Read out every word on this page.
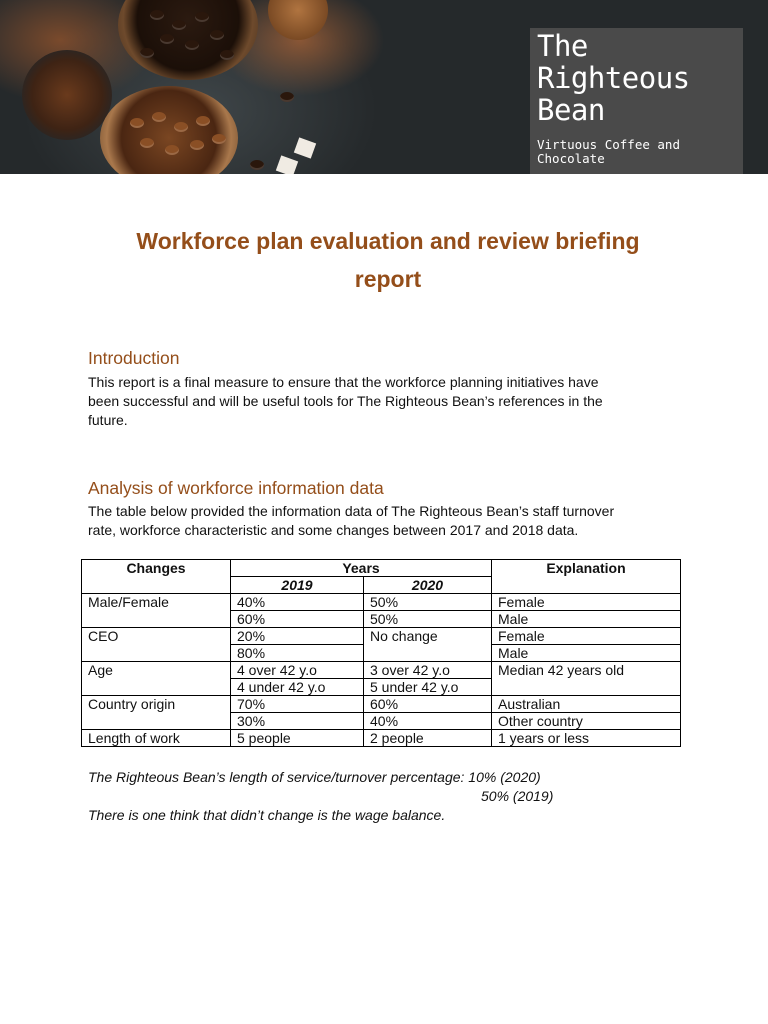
The
Righteous
Bean
Virtuous Coffee and
Chocolate
Workforce plan evaluation and review briefing
report
Introduction
This report is a final measure to ensure that the workforce planning initiatives have
been successful and will be useful tools for The Righteous Bean’s references in the
future.
Analysis of workforce information data
The table below provided the information data of The Righteous Bean’s staff turnover
rate, workforce characteristic and some changes between 2017 and 2018 data.
Changes	Years		Explanation
	2019	2020	
Male/Female	40%	50%	Female
	60%	50%	Male
CEO	20%	No change	Female
	80%		Male
Age	4 over 42 y.o	3 over 42 y.o	Median 42 years old
	4 under 42 y.o	5 under 42 y.o	
Country origin	70%	60%	Australian
	30%	40%	Other country
Length of work	5 people	2 people	1 years or less
The Righteous Bean’s length of service/turnover percentage: 10% (2020)
50% (2019)
There is one think that didn’t change is the wage balance.
